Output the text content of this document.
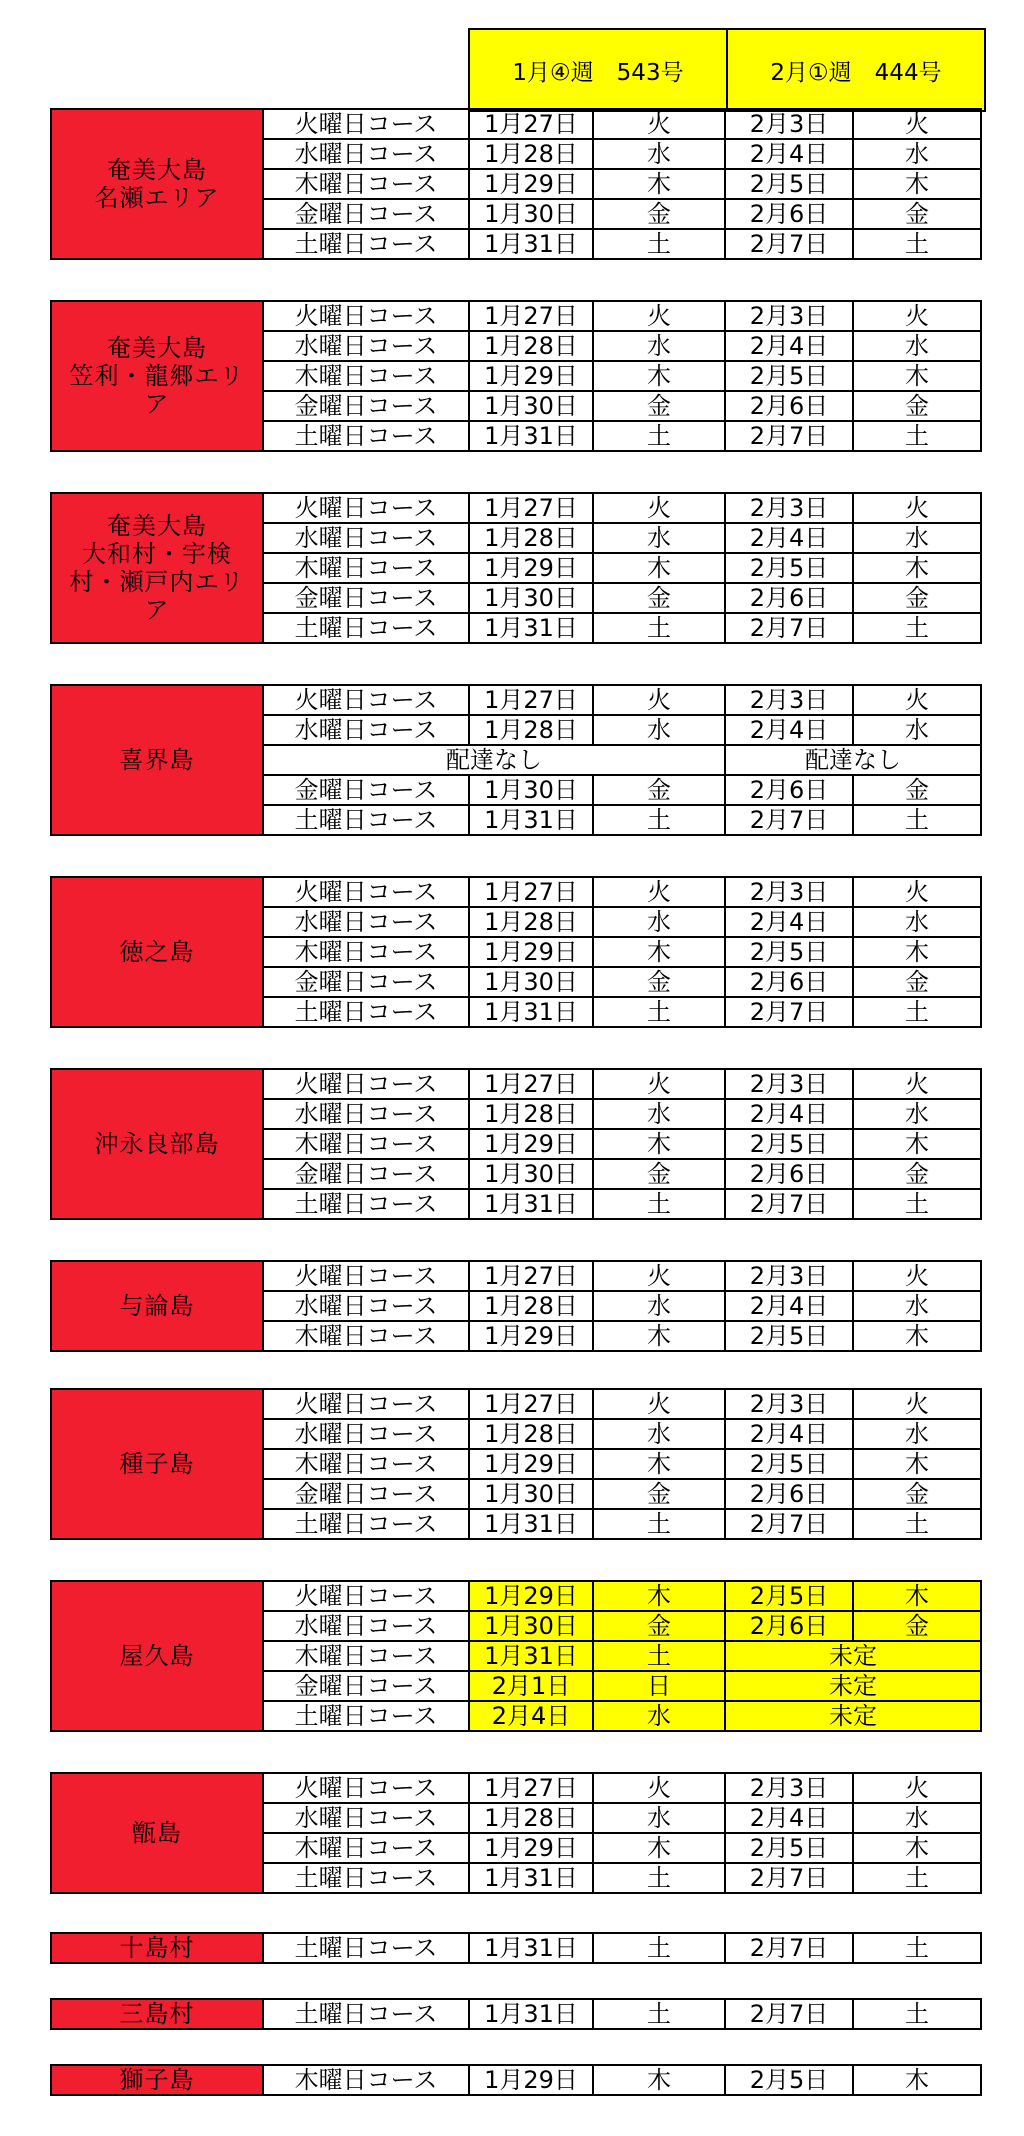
1月④週　543号	2月①週　444号
奄美大島
名瀬エリア	火曜日コース	1月27日	火	2月3日	火
	水曜日コース	1月28日	水	2月4日	水
	木曜日コース	1月29日	木	2月5日	木
	金曜日コース	1月30日	金	2月6日	金
	土曜日コース	1月31日	土	2月7日	土
奄美大島
笠利・龍郷エリ
ア	火曜日コース	1月27日	火	2月3日	火
	水曜日コース	1月28日	水	2月4日	水
	木曜日コース	1月29日	木	2月5日	木
	金曜日コース	1月30日	金	2月6日	金
	土曜日コース	1月31日	土	2月7日	土
奄美大島
大和村・宇検
村・瀬戸内エリ
ア	火曜日コース	1月27日	火	2月3日	火
	水曜日コース	1月28日	水	2月4日	水
	木曜日コース	1月29日	木	2月5日	木
	金曜日コース	1月30日	金	2月6日	金
	土曜日コース	1月31日	土	2月7日	土
喜界島	火曜日コース	1月27日	火	2月3日	火
	水曜日コース	1月28日	水	2月4日	水
	配達なし			配達なし	
	金曜日コース	1月30日	金	2月6日	金
	土曜日コース	1月31日	土	2月7日	土
徳之島	火曜日コース	1月27日	火	2月3日	火
	水曜日コース	1月28日	水	2月4日	水
	木曜日コース	1月29日	木	2月5日	木
	金曜日コース	1月30日	金	2月6日	金
	土曜日コース	1月31日	土	2月7日	土
沖永良部島	火曜日コース	1月27日	火	2月3日	火
	水曜日コース	1月28日	水	2月4日	水
	木曜日コース	1月29日	木	2月5日	木
	金曜日コース	1月30日	金	2月6日	金
	土曜日コース	1月31日	土	2月7日	土
与論島	火曜日コース	1月27日	火	2月3日	火
	水曜日コース	1月28日	水	2月4日	水
	木曜日コース	1月29日	木	2月5日	木
種子島	火曜日コース	1月27日	火	2月3日	火
	水曜日コース	1月28日	水	2月4日	水
	木曜日コース	1月29日	木	2月5日	木
	金曜日コース	1月30日	金	2月6日	金
	土曜日コース	1月31日	土	2月7日	土
屋久島	火曜日コース	1月29日	木	2月5日	木
	水曜日コース	1月30日	金	2月6日	金
	木曜日コース	1月31日	土	未定	
	金曜日コース	2月1日	日	未定	
	土曜日コース	2月4日	水	未定	
甑島	火曜日コース	1月27日	火	2月3日	火
	水曜日コース	1月28日	水	2月4日	水
	木曜日コース	1月29日	木	2月5日	木
	土曜日コース	1月31日	土	2月7日	土
十島村	土曜日コース	1月31日	土	2月7日	土
三島村	土曜日コース	1月31日	土	2月7日	土
獅子島	木曜日コース	1月29日	木	2月5日	木
